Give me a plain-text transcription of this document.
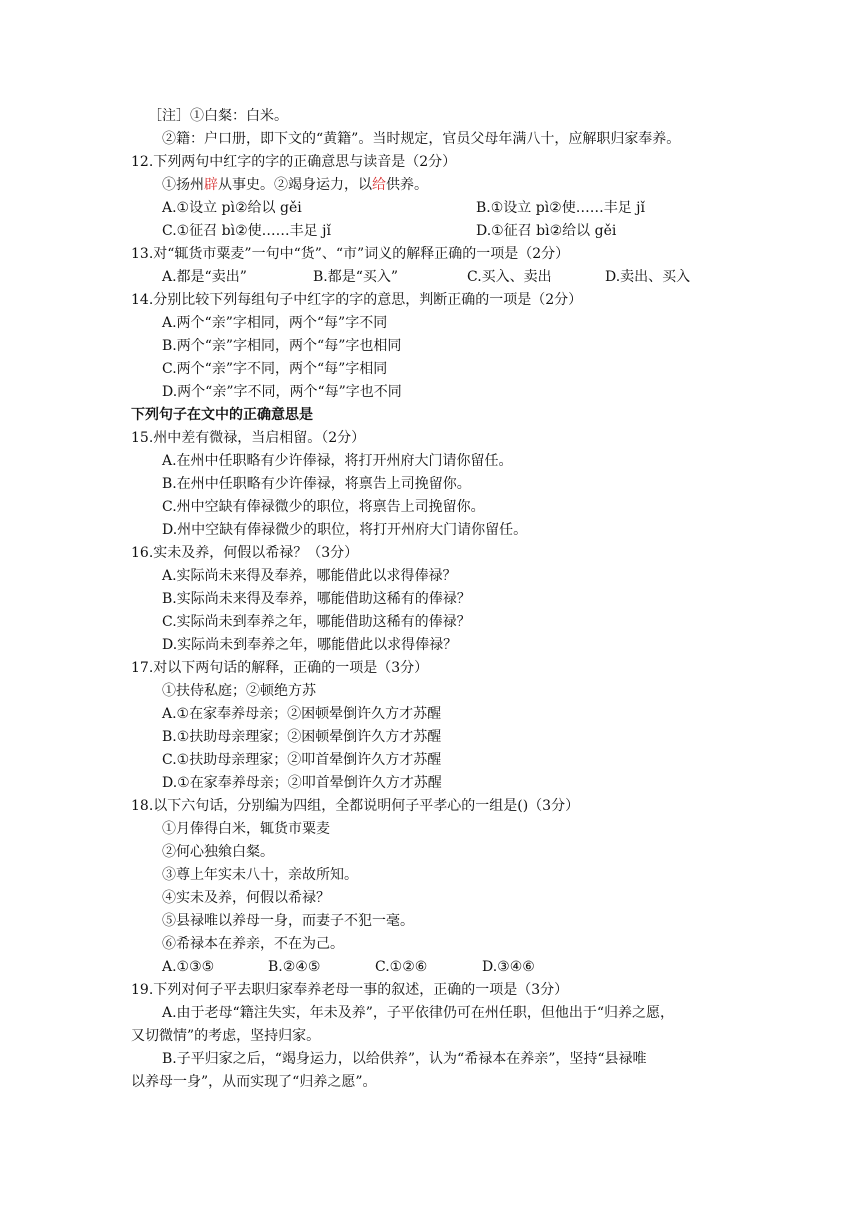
［注］①白粲：白米。
②籍：户口册，即下文的“黄籍”。当时规定，官员父母年满八十，应解职归家奉养。
12.下列两句中红字的字的正确意思与读音是（2分）
①扬州辟从事史。②竭身运力，以给供养。
A.①设立 pì②给以 gěi	B.①设立 pì②使……丰足 jǐ
C.①征召 bì②使……丰足 jǐ	D.①征召 bì②给以 gěi
13.对“辄货市粟麦”一句中“货”、“市”词义的解释正确的一项是（2分）
A.都是“卖出”	B.都是“买入”	C.买入、卖出	D.卖出、买入
14.分别比较下列每组句子中红字的字的意思，判断正确的一项是（2分）
A.两个“亲”字相同，两个“每”字不同
B.两个“亲”字相同，两个“每”字也相同
C.两个“亲”字不同，两个“每”字相同
D.两个“亲”字不同，两个“每”字也不同
下列句子在文中的正确意思是
15.州中差有微禄，当启相留。（2分）
A.在州中任职略有少许俸禄，将打开州府大门请你留任。
B.在州中任职略有少许俸禄，将禀告上司挽留你。
C.州中空缺有俸禄微少的职位，将禀告上司挽留你。
D.州中空缺有俸禄微少的职位，将打开州府大门请你留任。
16.实未及养，何假以希禄？（3分）
A.实际尚未来得及奉养，哪能借此以求得俸禄？
B.实际尚未来得及奉养，哪能借助这稀有的俸禄？
C.实际尚未到奉养之年，哪能借助这稀有的俸禄？
D.实际尚未到奉养之年，哪能借此以求得俸禄？
17.对以下两句话的解释，正确的一项是（3分）
①扶侍私庭；②顿绝方苏
A.①在家奉养母亲；②困顿晕倒许久方才苏醒
B.①扶助母亲理家；②困顿晕倒许久方才苏醒
C.①扶助母亲理家；②叩首晕倒许久方才苏醒
D.①在家奉养母亲；②叩首晕倒许久方才苏醒
18.以下六句话，分别编为四组，全都说明何子平孝心的一组是()（3分）
①月俸得白米，辄货市粟麦
②何心独飨白粲。
③尊上年实未八十，亲故所知。
④实未及养，何假以希禄？
⑤县禄唯以养母一身，而妻子不犯一毫。
⑥希禄本在养亲，不在为己。
A.①③⑤	B.②④⑤	C.①②⑥	D.③④⑥
19.下列对何子平去职归家奉养老母一事的叙述，正确的一项是（3分）
A.由于老母“籍注失实，年未及养”，子平依律仍可在州任职，但他出于“归养之愿，
又切微情”的考虑，坚持归家。
B.子平归家之后，“竭身运力，以给供养”，认为“希禄本在养亲”，坚持“县禄唯
以养母一身”，从而实现了“归养之愿”。
